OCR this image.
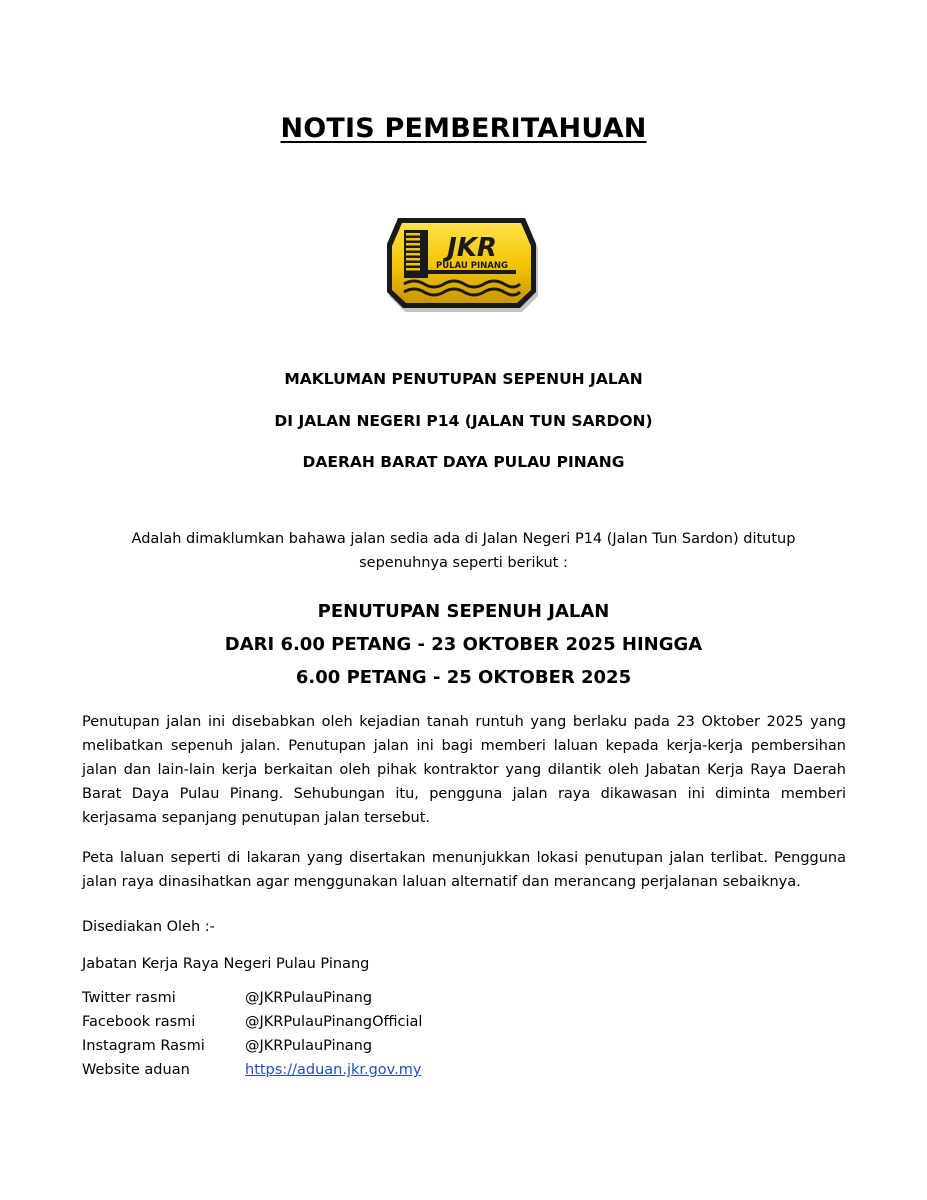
NOTIS PEMBERITAHUAN
JKR
PULAU PINANG
MAKLUMAN PENUTUPAN SEPENUH JALAN
DI JALAN NEGERI P14 (JALAN TUN SARDON)
DAERAH BARAT DAYA PULAU PINANG
Adalah dimaklumkan bahawa jalan sedia ada di Jalan Negeri P14 (Jalan Tun Sardon) ditutup
sepenuhnya seperti berikut :
PENUTUPAN SEPENUH JALAN
DARI 6.00 PETANG - 23 OKTOBER 2025 HINGGA
6.00 PETANG - 25 OKTOBER 2025
Penutupan jalan ini disebabkan oleh kejadian tanah runtuh yang berlaku pada 23 Oktober 2025 yang melibatkan sepenuh jalan. Penutupan jalan ini bagi memberi laluan kepada kerja-kerja pembersihan jalan dan lain-lain kerja berkaitan oleh pihak kontraktor yang dilantik oleh Jabatan Kerja Raya Daerah Barat Daya Pulau Pinang. Sehubungan itu, pengguna jalan raya dikawasan ini diminta memberi kerjasama sepanjang penutupan jalan tersebut.
Peta laluan seperti di lakaran yang disertakan menunjukkan lokasi penutupan jalan terlibat. Pengguna jalan raya dinasihatkan agar menggunakan laluan alternatif dan merancang perjalanan sebaiknya.
Disediakan Oleh :-
Jabatan Kerja Raya Negeri Pulau Pinang
Twitter rasmi	@JKRPulauPinang
Facebook rasmi	@JKRPulauPinangOfficial
Instagram Rasmi	@JKRPulauPinang
Website aduan	https://aduan.jkr.gov.my
